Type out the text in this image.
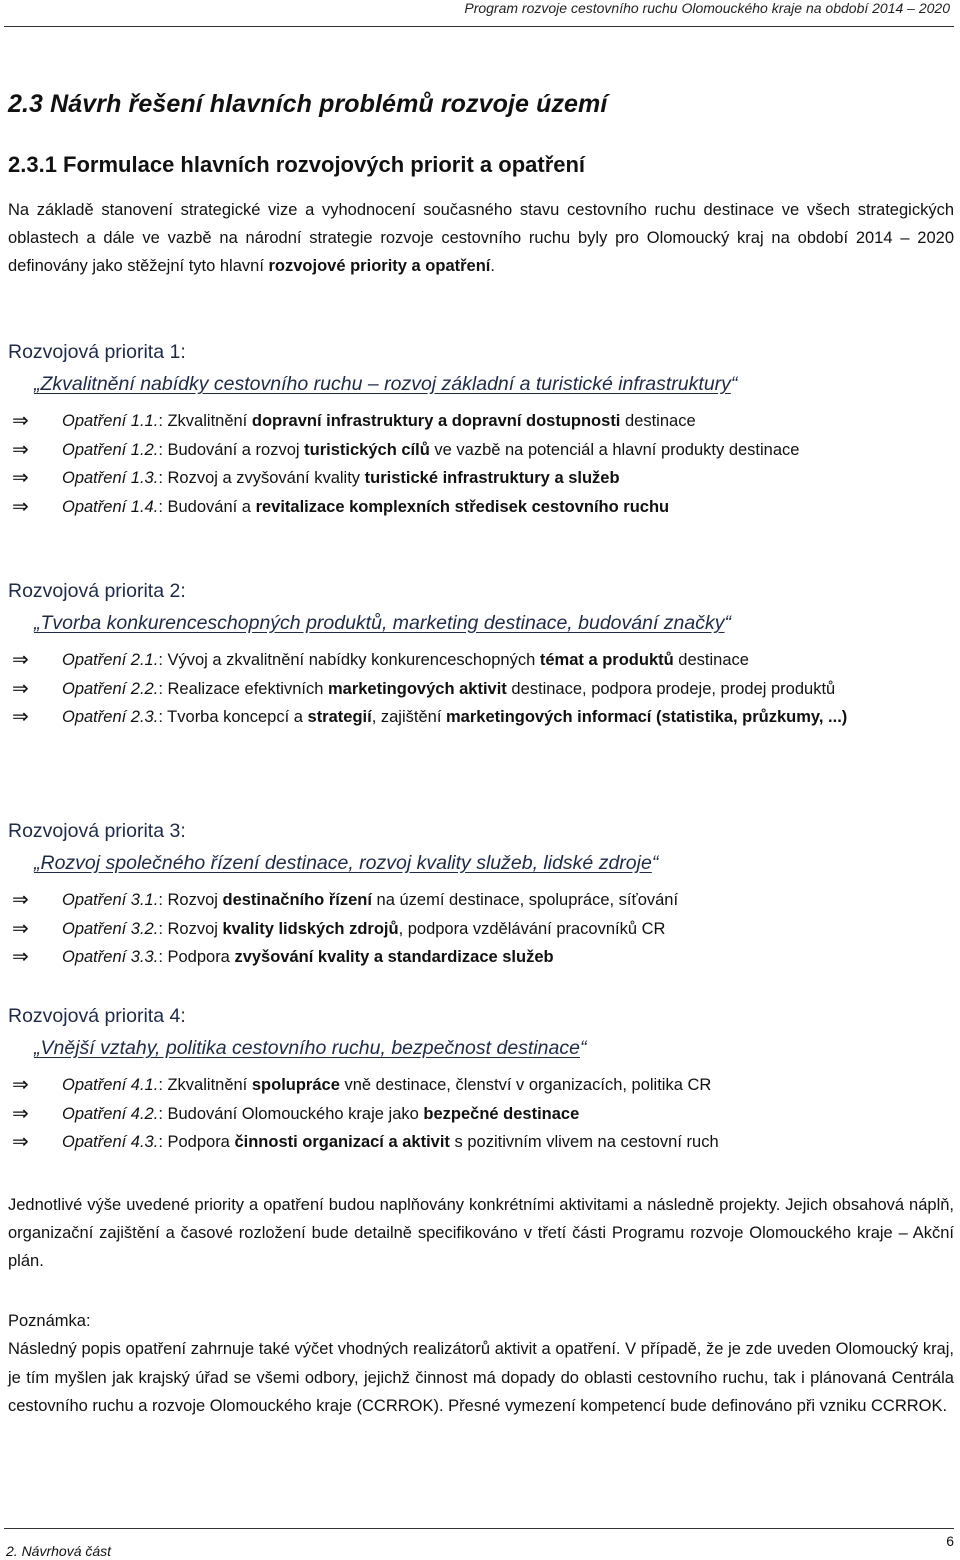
Program rozvoje cestovního ruchu Olomouckého kraje na období 2014 – 2020
2.3 Návrh řešení hlavních problémů rozvoje území
2.3.1 Formulace hlavních rozvojových priorit a opatření

Na základě stanovení strategické vize a vyhodnocení současného stavu cestovního ruchu destinace ve všech strategických oblastech a dále ve vazbě na národní strategie rozvoje cestovního ruchu byly pro Olomoucký kraj na období 2014 – 2020 definovány jako stěžejní tyto hlavní rozvojové priority a opatření.

Rozvojová priorita 1:

„Zkvalitnění nabídky cestovního ruchu – rozvoj základní a turistické infrastruktury“

⇒ Opatření 1.1.: Zkvalitnění dopravní infrastruktury a dopravní dostupnosti destinace
⇒ Opatření 1.2.: Budování a rozvoj turistických cílů ve vazbě na potenciál a hlavní produkty destinace
⇒ Opatření 1.3.: Rozvoj a zvyšování kvality turistické infrastruktury a služeb
⇒ Opatření 1.4.: Budování a revitalizace komplexních středisek cestovního ruchu

Rozvojová priorita 2:

„Tvorba konkurenceschopných produktů, marketing destinace, budování značky“

⇒ Opatření 2.1.: Vývoj a zkvalitnění nabídky konkurenceschopných témat a produktů destinace
⇒ Opatření 2.2.: Realizace efektivních marketingových aktivit destinace, podpora prodeje, prodej produktů
⇒ Opatření 2.3.: Tvorba koncepcí a strategií, zajištění marketingových informací (statistika, průzkumy, ...)

Rozvojová priorita 3:

„Rozvoj společného řízení destinace, rozvoj kvality služeb, lidské zdroje“

⇒ Opatření 3.1.: Rozvoj destinačního řízení na území destinace, spolupráce, síťování
⇒ Opatření 3.2.: Rozvoj kvality lidských zdrojů, podpora vzdělávání pracovníků CR
⇒ Opatření 3.3.: Podpora zvyšování kvality a standardizace služeb

Rozvojová priorita 4:

„Vnější vztahy, politika cestovního ruchu, bezpečnost destinace“

⇒ Opatření 4.1.: Zkvalitnění spolupráce vně destinace, členství v organizacích, politika CR
⇒ Opatření 4.2.: Budování Olomouckého kraje jako bezpečné destinace
⇒ Opatření 4.3.: Podpora činnosti organizací a aktivit s pozitivním vlivem na cestovní ruch

Jednotlivé výše uvedené priority a opatření budou naplňovány konkrétními aktivitami a následně projekty. Jejich obsahová náplň, organizační zajištění a časové rozložení bude detailně specifikováno v třetí části Programu rozvoje Olomouckého kraje – Akční plán.

Poznámka:

Následný popis opatření zahrnuje také výčet vhodných realizátorů aktivit a opatření. V případě, že je zde uveden Olomoucký kraj, je tím myšlen jak krajský úřad se všemi odbory, jejichž činnost má dopady do oblasti cestovního ruchu, tak i plánovaná Centrála cestovního ruchu a rozvoje Olomouckého kraje (CCRROK). Přesné vymezení kompetencí bude definováno při vzniku CCRROK.

2. Návrhová část
6
